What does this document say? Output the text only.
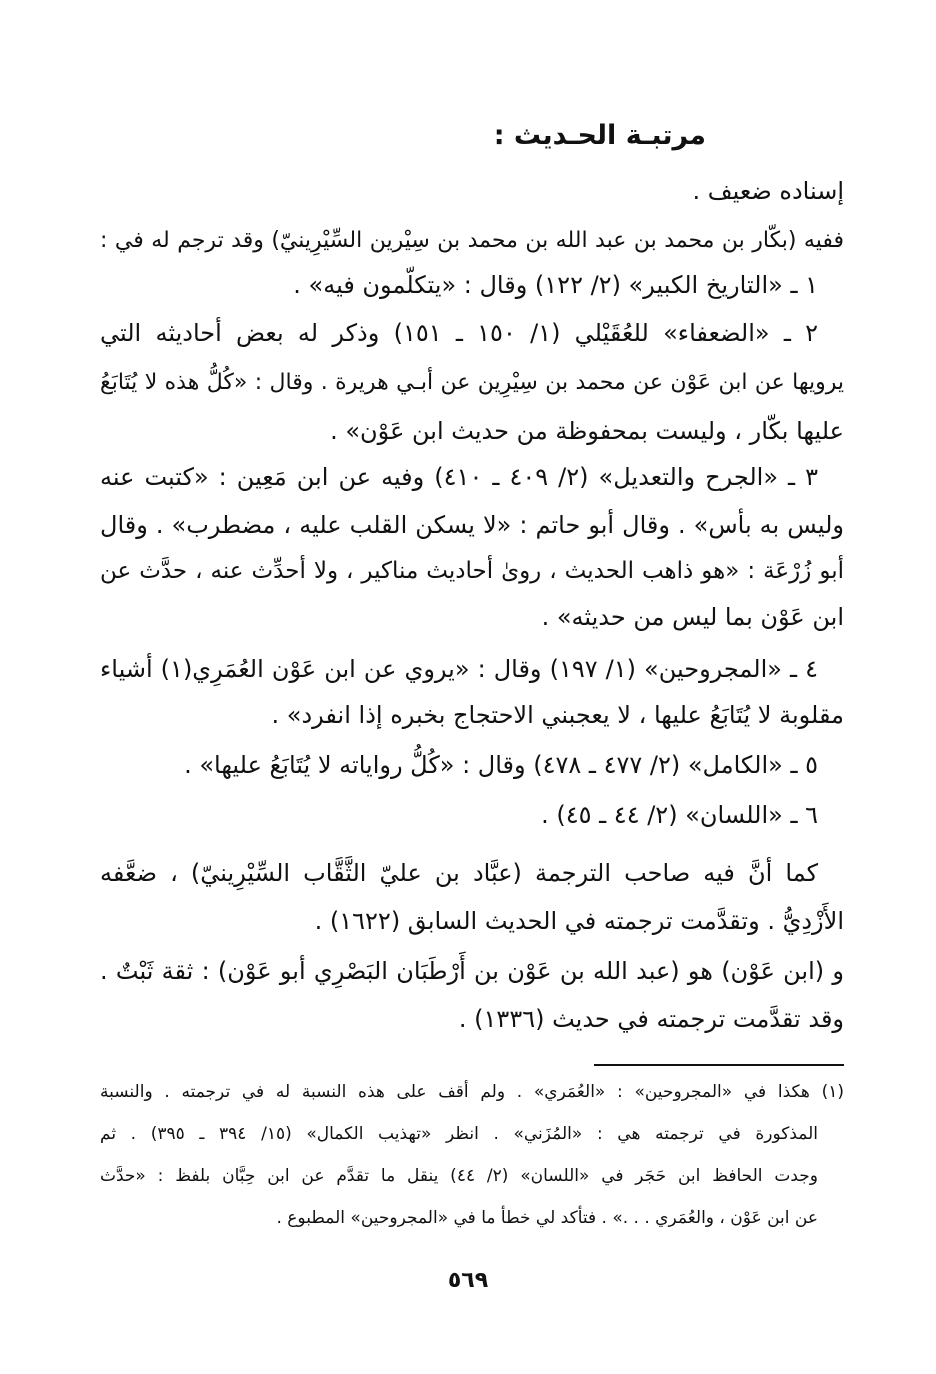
مرتبـة الحـديث :
إسناده ضعيف .
ففيه (بكّار بن محمد بن عبد الله بن محمد بن سِيْرين السِّيْرِينيّ) وقد ترجم له في :
١ ـ «التاريخ الكبير» (٢/ ١٢٢) وقال : «يتكلّمون فيه» .
٢ ـ «الضعفاء» للعُقَيْلي (١/ ١٥٠ ـ ١٥١) وذكر له بعض أحاديثه التي
يرويها عن ابن عَوْن عن محمد بن سِيْرِين عن أبـي هريرة . وقال : «كُلُّ هذه لا يُتَابَعُ
عليها بكّار ، وليست بمحفوظة من حديث ابن عَوْن» .
٣ ـ «الجرح والتعديل» (٢/ ٤٠٩ ـ ٤١٠) وفيه عن ابن مَعِين : «كتبت عنه
وليس به بأس» . وقال أبو حاتم : «لا يسكن القلب عليه ، مضطرب» . وقال
أبو زُرْعَة : «هو ذاهب الحديث ، روىٰ أحاديث مناكير ، ولا أحدِّث عنه ، حدَّث عن
ابن عَوْن بما ليس من حديثه» .
٤ ـ «المجروحين» (١/ ١٩٧) وقال : «يروي عن ابن عَوْن العُمَرِي(١) أشياء
مقلوبة لا يُتَابَعُ عليها ، لا يعجبني الاحتجاج بخبره إذا انفرد» .
٥ ـ «الكامل» (٢/ ٤٧٧ ـ ٤٧٨) وقال : «كُلُّ رواياته لا يُتَابَعُ عليها» .
٦ ـ «اللسان» (٢/ ٤٤ ـ ٤٥) .
كما أنَّ فيه صاحب الترجمة (عبَّاد بن عليّ الثَّقَّاب السِّيْرِينيّ) ، ضعَّفه
الأَزْدِيُّ . وتقدَّمت ترجمته في الحديث السابق (١٦٢٢) .
و (ابن عَوْن) هو (عبد الله بن عَوْن بن أَرْطَبَان البَصْرِي أبو عَوْن) : ثقة ثَبْتٌ .
وقد تقدَّمت ترجمته في حديث (١٣٣٦) .
(١) هكذا في «المجروحين» : «العُمَري» . ولم أقف على هذه النسبة له في ترجمته . والنسبة
المذكورة في ترجمته هي : «المُزَني» . انظر «تهذيب الكمال» (١٥/ ٣٩٤ ـ ٣٩٥) . ثم
وجدت الحافظ ابن حَجَر في «اللسان» (٢/ ٤٤) ينقل ما تقدَّم عن ابن حِبَّان بلفظ : «حدَّث
عن ابن عَوْن ، والعُمَري . . .» . فتأكد لي خطأ ما في «المجروحين» المطبوع .
٥٦٩
